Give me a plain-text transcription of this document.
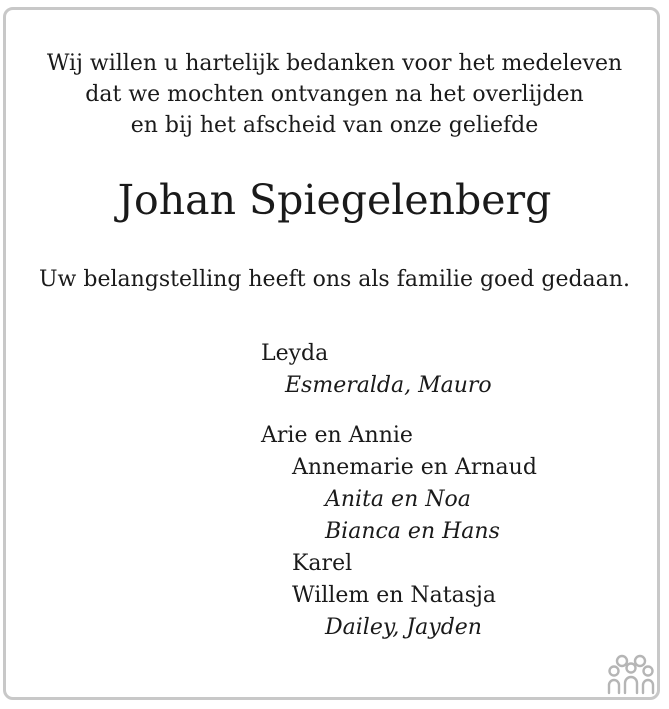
Wij willen u hartelijk bedanken voor het medeleven
dat we mochten ontvangen na het overlijden
en bij het afscheid van onze geliefde
Johan Spiegelenberg
Uw belangstelling heeft ons als familie goed gedaan.
Leyda
Esmeralda, Mauro
Arie en Annie
Annemarie en Arnaud
Anita en Noa
Bianca en Hans
Karel
Willem en Natasja
Dailey, Jayden
